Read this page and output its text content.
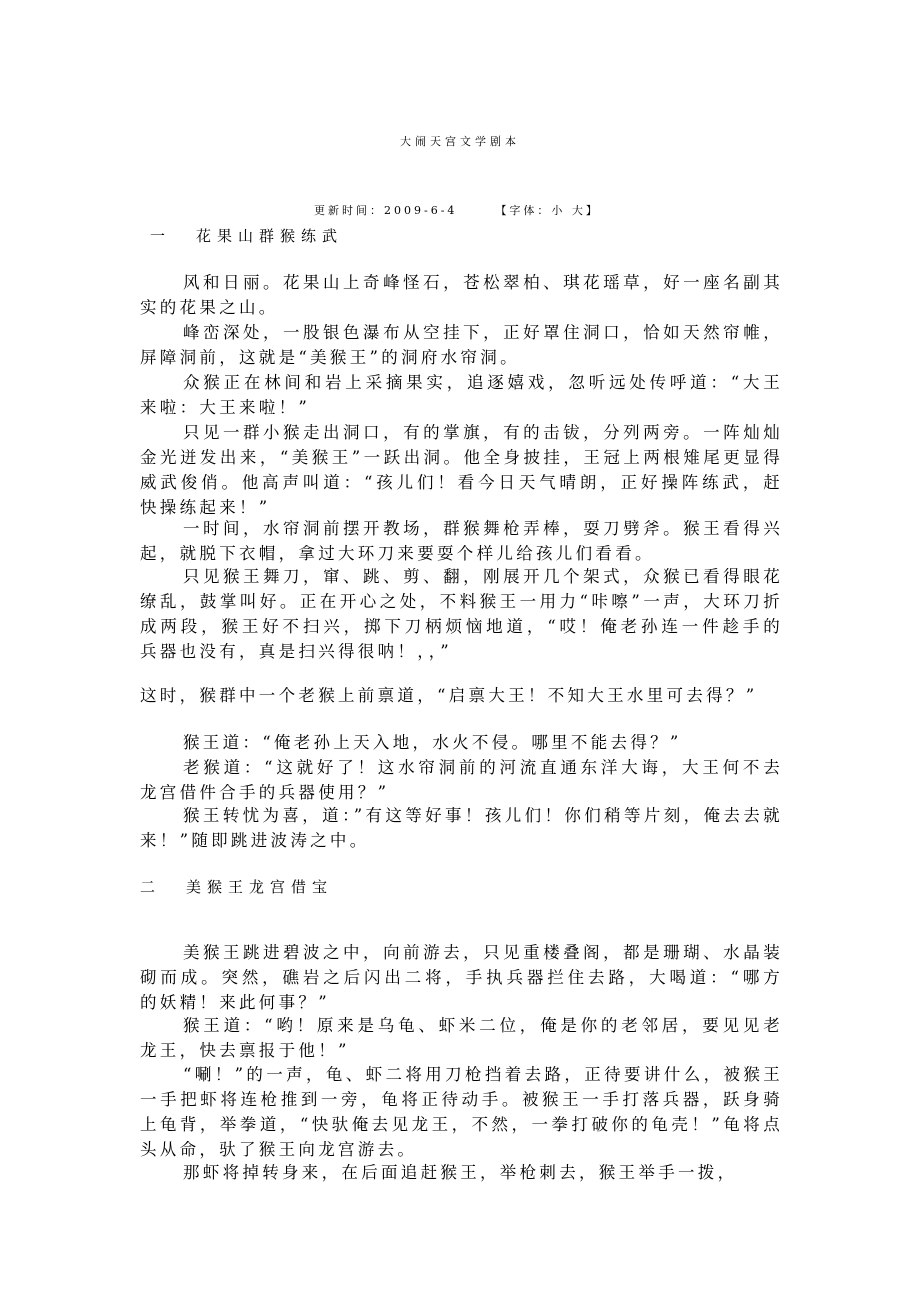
大闹天宫文学剧本
更新时间：2009-6-4	【字体：小 大】
一 花果山群猴练武

风和日丽。花果山上奇峰怪石，苍松翠柏、琪花瑶草，好一座名副其实的花果之山。

峰峦深处，一股银色瀑布从空挂下，正好罩住洞口，恰如天然帘帷，屏障洞前，这就是“美猴王”的洞府水帘洞。

众猴正在林间和岩上采摘果实，追逐嬉戏，忽听远处传呼道：“大王来啦：大王来啦！”

只见一群小猴走出洞口，有的掌旗，有的击钹，分列两旁。一阵灿灿金光迸发出来，“美猴王”一跃出洞。他全身披挂，王冠上两根雉尾更显得威武俊俏。他高声叫道：“孩儿们！看今日天气晴朗，正好操阵练武，赶快操练起来！”

一时间，水帘洞前摆开教场，群猴舞枪弄棒，耍刀劈斧。猴王看得兴起，就脱下衣帽，拿过大环刀来要耍个样儿给孩儿们看看。

只见猴王舞刀，窜、跳、剪、翻，刚展开几个架式，众猴已看得眼花缭乱，鼓掌叫好。正在开心之处，不料猴王一用力“咔嚓”一声，大环刀折成两段，猴王好不扫兴，掷下刀柄烦恼地道，“哎！俺老孙连一件趁手的兵器也没有，真是扫兴得很呐！，，”

这时，猴群中一个老猴上前禀道，“启禀大王！不知大王水里可去得？”

猴王道：“俺老孙上天入地，水火不侵。哪里不能去得？”

老猴道：“这就好了！这水帘洞前的河流直通东洋大诲，大王何不去龙宫借件合手的兵器使用？”

猴王转忧为喜，道：”有这等好事！孩儿们！你们稍等片刻，俺去去就来！”随即跳进波涛之中。

二 美猴王龙宫借宝

美猴王跳进碧波之中，向前游去，只见重楼叠阁，都是珊瑚、水晶装砌而成。突然，礁岩之后闪出二将，手执兵器拦住去路，大喝道：“哪方的妖精！来此何事？”

猴王道：“哟！原来是乌龟、虾米二位，俺是你的老邻居，要见见老龙王，快去禀报于他！”

“唰！”的一声，龟、虾二将用刀枪挡着去路，正待要讲什么，被猴王一手把虾将连枪推到一旁，龟将正待动手。被猴王一手打落兵器，跃身骑上龟背，举拳道，“快驮俺去见龙王，不然，一拳打破你的龟壳！”龟将点头从命，驮了猴王向龙宫游去。

那虾将掉转身来，在后面追赶猴王，举枪刺去，猴王举手一拨，
